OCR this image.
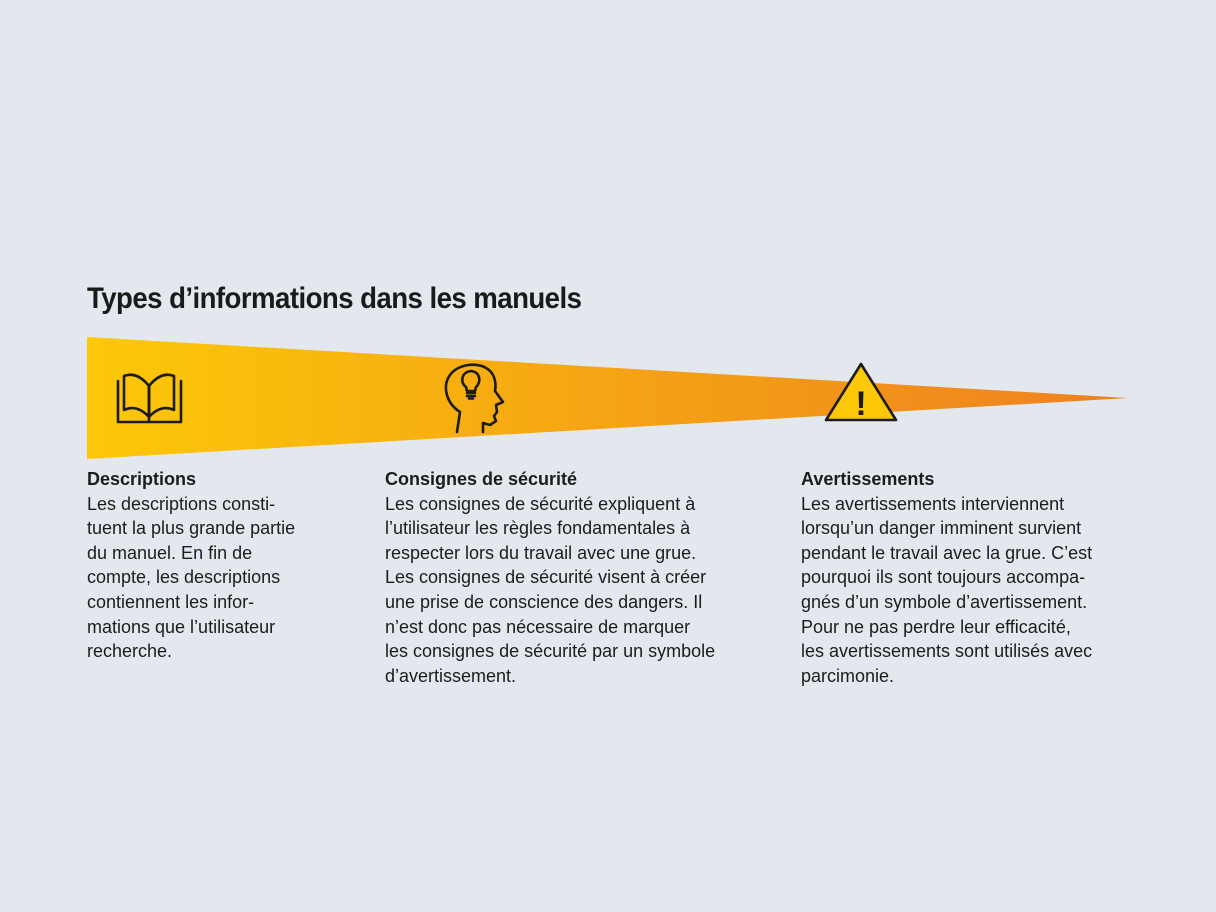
Types d’informations dans les manuels
!
Descriptions
Les descriptions consti-
tuent la plus grande partie
du manuel. En fin de
compte, les descriptions
contiennent les infor-
mations que l’utilisateur
recherche.
Consignes de sécurité
Les consignes de sécurité expliquent à
l’utilisateur les règles fondamentales à
respecter lors du travail avec une grue.
Les consignes de sécurité visent à créer
une prise de conscience des dangers. Il
n’est donc pas nécessaire de marquer
les consignes de sécurité par un symbole
d’avertissement.
Avertissements
Les avertissements interviennent
lorsqu’un danger imminent survient
pendant le travail avec la grue. C’est
pourquoi ils sont toujours accompa-
gnés d’un symbole d’avertissement.
Pour ne pas perdre leur efficacité,
les avertissements sont utilisés avec
parcimonie.
